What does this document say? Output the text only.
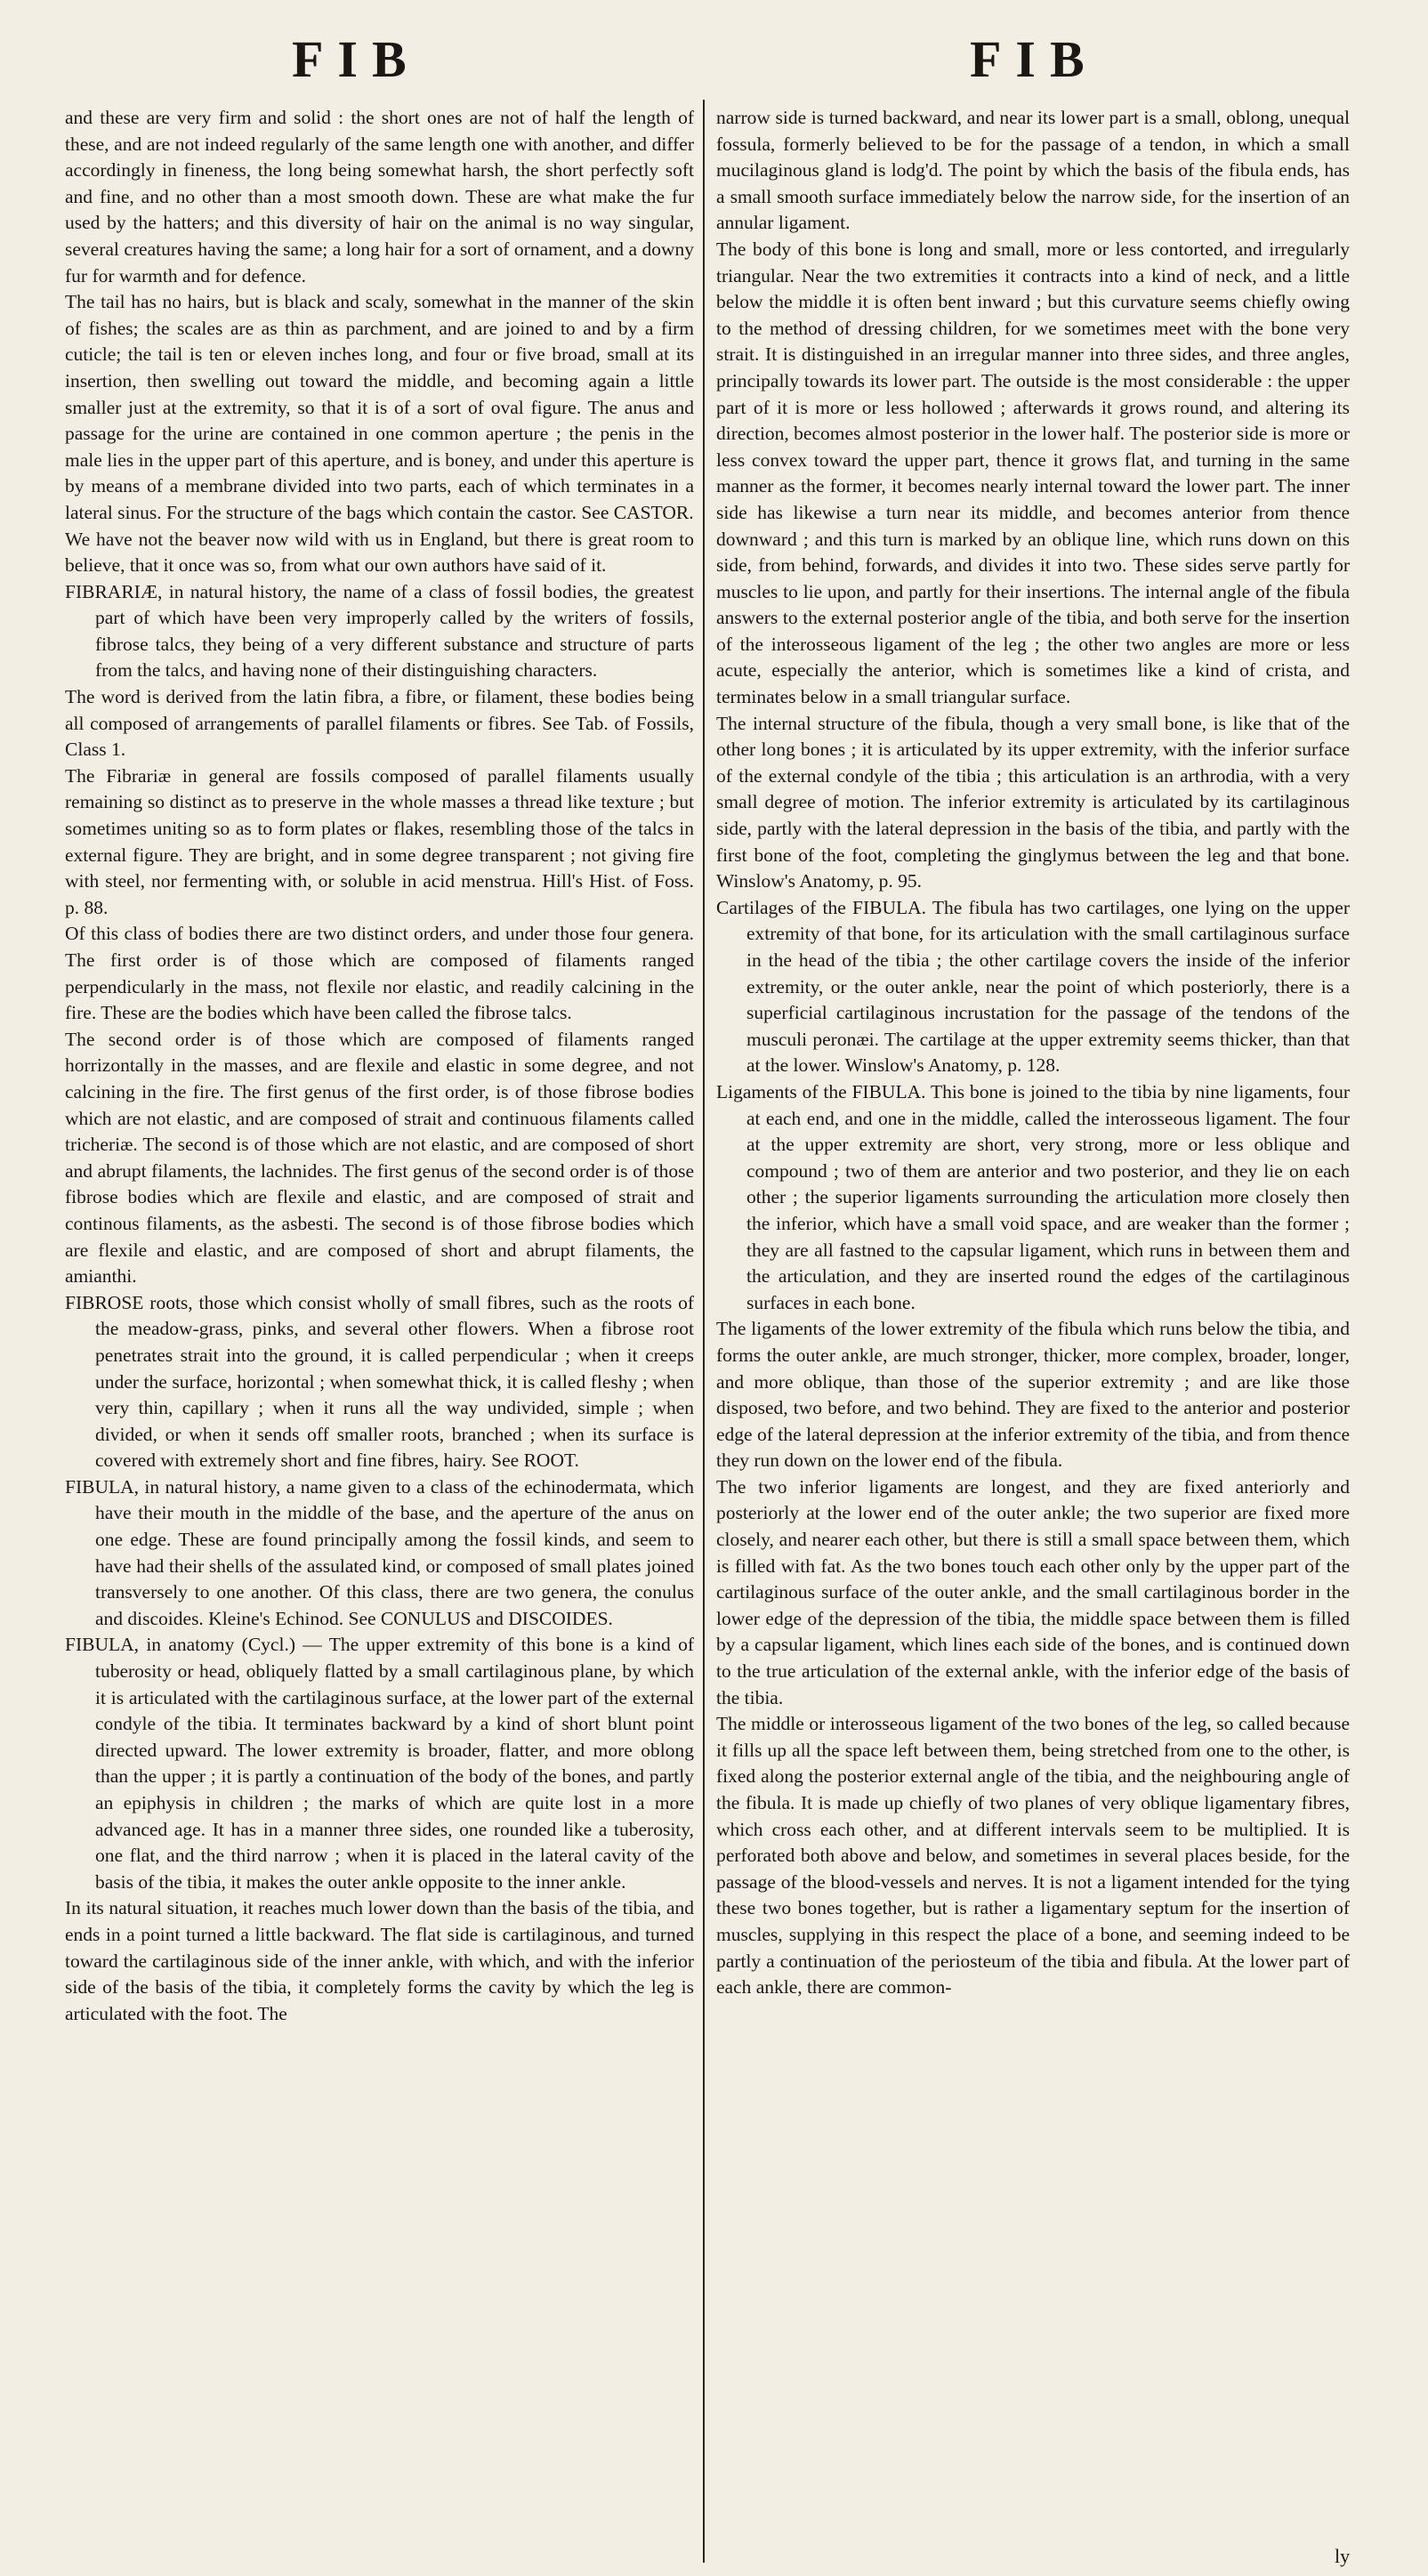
FIB	FIB

and these are very firm and solid : the short ones are not of half the length of these, and are not indeed regularly of the same length one with another, and differ accordingly in fineness, the long being somewhat harsh, the short perfectly soft and fine, and no other than a most smooth down. These are what make the fur used by the hatters; and this diversity of hair on the animal is no way singular, several creatures having the same; a long hair for a sort of ornament, and a downy fur for warmth and for defence.

The tail has no hairs, but is black and scaly, somewhat in the manner of the skin of fishes; the scales are as thin as parchment, and are joined to and by a firm cuticle; the tail is ten or eleven inches long, and four or five broad, small at its insertion, then swelling out toward the middle, and becoming again a little smaller just at the extremity, so that it is of a sort of oval figure. The anus and passage for the urine are contained in one common aperture ; the penis in the male lies in the upper part of this aperture, and is boney, and under this aperture is by means of a membrane divided into two parts, each of which terminates in a lateral sinus. For the structure of the bags which contain the castor. See CASTOR.

We have not the beaver now wild with us in England, but there is great room to believe, that it once was so, from what our own authors have said of it.

FIBRARIÆ, in natural history, the name of a class of fossil bodies, the greatest part of which have been very improperly called by the writers of fossils, fibrose talcs, they being of a very different substance and structure of parts from the talcs, and having none of their distinguishing characters.

The word is derived from the latin fibra, a fibre, or filament, these bodies being all composed of arrangements of parallel filaments or fibres. See Tab. of Fossils, Class 1.

The Fibrariæ in general are fossils composed of parallel filaments usually remaining so distinct as to preserve in the whole masses a thread like texture ; but sometimes uniting so as to form plates or flakes, resembling those of the talcs in external figure. They are bright, and in some degree transparent ; not giving fire with steel, nor fermenting with, or soluble in acid menstrua. Hill's Hist. of Foss. p. 88.

Of this class of bodies there are two distinct orders, and under those four genera. The first order is of those which are composed of filaments ranged perpendicularly in the mass, not flexile nor elastic, and readily calcining in the fire. These are the bodies which have been called the fibrose talcs.

The second order is of those which are composed of filaments ranged horrizontally in the masses, and are flexile and elastic in some degree, and not calcining in the fire. The first genus of the first order, is of those fibrose bodies which are not elastic, and are composed of strait and continuous filaments called tricheriæ. The second is of those which are not elastic, and are composed of short and abrupt filaments, the lachnides. The first genus of the second order is of those fibrose bodies which are flexile and elastic, and are composed of strait and continous filaments, as the asbesti. The second is of those fibrose bodies which are flexile and elastic, and are composed of short and abrupt filaments, the amianthi.

FIBROSE roots, those which consist wholly of small fibres, such as the roots of the meadow-grass, pinks, and several other flowers. When a fibrose root penetrates strait into the ground, it is called perpendicular ; when it creeps under the surface, horizontal ; when somewhat thick, it is called fleshy ; when very thin, capillary ; when it runs all the way undivided, simple ; when divided, or when it sends off smaller roots, branched ; when its surface is covered with extremely short and fine fibres, hairy. See ROOT.

FIBULA, in natural history, a name given to a class of the echinodermata, which have their mouth in the middle of the base, and the aperture of the anus on one edge. These are found principally among the fossil kinds, and seem to have had their shells of the assulated kind, or composed of small plates joined transversely to one another. Of this class, there are two genera, the conulus and discoides. Kleine's Echinod. See CONULUS and DISCOIDES.

FIBULA, in anatomy (Cycl.) — The upper extremity of this bone is a kind of tuberosity or head, obliquely flatted by a small cartilaginous plane, by which it is articulated with the cartilaginous surface, at the lower part of the external condyle of the tibia. It terminates backward by a kind of short blunt point directed upward. The lower extremity is broader, flatter, and more oblong than the upper ; it is partly a continuation of the body of the bones, and partly an epiphysis in children ; the marks of which are quite lost in a more advanced age. It has in a manner three sides, one rounded like a tuberosity, one flat, and the third narrow ; when it is placed in the lateral cavity of the basis of the tibia, it makes the outer ankle opposite to the inner ankle.

In its natural situation, it reaches much lower down than the basis of the tibia, and ends in a point turned a little backward. The flat side is cartilaginous, and turned toward the cartilaginous side of the inner ankle, with which, and with the inferior side of the basis of the tibia, it completely forms the cavity by which the leg is articulated with the foot. The

narrow side is turned backward, and near its lower part is a small, oblong, unequal fossula, formerly believed to be for the passage of a tendon, in which a small mucilaginous gland is lodg'd. The point by which the basis of the fibula ends, has a small smooth surface immediately below the narrow side, for the insertion of an annular ligament.

The body of this bone is long and small, more or less contorted, and irregularly triangular. Near the two extremities it contracts into a kind of neck, and a little below the middle it is often bent inward ; but this curvature seems chiefly owing to the method of dressing children, for we sometimes meet with the bone very strait. It is distinguished in an irregular manner into three sides, and three angles, principally towards its lower part. The outside is the most considerable : the upper part of it is more or less hollowed ; afterwards it grows round, and altering its direction, becomes almost posterior in the lower half. The posterior side is more or less convex toward the upper part, thence it grows flat, and turning in the same manner as the former, it becomes nearly internal toward the lower part. The inner side has likewise a turn near its middle, and becomes anterior from thence downward ; and this turn is marked by an oblique line, which runs down on this side, from behind, forwards, and divides it into two. These sides serve partly for muscles to lie upon, and partly for their insertions. The internal angle of the fibula answers to the external posterior angle of the tibia, and both serve for the insertion of the interosseous ligament of the leg ; the other two angles are more or less acute, especially the anterior, which is sometimes like a kind of crista, and terminates below in a small triangular surface.

The internal structure of the fibula, though a very small bone, is like that of the other long bones ; it is articulated by its upper extremity, with the inferior surface of the external condyle of the tibia ; this articulation is an arthrodia, with a very small degree of motion. The inferior extremity is articulated by its cartilaginous side, partly with the lateral depression in the basis of the tibia, and partly with the first bone of the foot, completing the ginglymus between the leg and that bone. Winslow's Anatomy, p. 95.

Cartilages of the FIBULA. The fibula has two cartilages, one lying on the upper extremity of that bone, for its articulation with the small cartilaginous surface in the head of the tibia ; the other cartilage covers the inside of the inferior extremity, or the outer ankle, near the point of which posteriorly, there is a superficial cartilaginous incrustation for the passage of the tendons of the musculi peronæi. The cartilage at the upper extremity seems thicker, than that at the lower. Winslow's Anatomy, p. 128.

Ligaments of the FIBULA. This bone is joined to the tibia by nine ligaments, four at each end, and one in the middle, called the interosseous ligament. The four at the upper extremity are short, very strong, more or less oblique and compound ; two of them are anterior and two posterior, and they lie on each other ; the superior ligaments surrounding the articulation more closely then the inferior, which have a small void space, and are weaker than the former ; they are all fastned to the capsular ligament, which runs in between them and the articulation, and they are inserted round the edges of the cartilaginous surfaces in each bone.

The ligaments of the lower extremity of the fibula which runs below the tibia, and forms the outer ankle, are much stronger, thicker, more complex, broader, longer, and more oblique, than those of the superior extremity ; and are like those disposed, two before, and two behind. They are fixed to the anterior and posterior edge of the lateral depression at the inferior extremity of the tibia, and from thence they run down on the lower end of the fibula.

The two inferior ligaments are longest, and they are fixed anteriorly and posteriorly at the lower end of the outer ankle; the two superior are fixed more closely, and nearer each other, but there is still a small space between them, which is filled with fat. As the two bones touch each other only by the upper part of the cartilaginous surface of the outer ankle, and the small cartilaginous border in the lower edge of the depression of the tibia, the middle space between them is filled by a capsular ligament, which lines each side of the bones, and is continued down to the true articulation of the external ankle, with the inferior edge of the basis of the tibia.

The middle or interosseous ligament of the two bones of the leg, so called because it fills up all the space left between them, being stretched from one to the other, is fixed along the posterior external angle of the tibia, and the neighbouring angle of the fibula. It is made up chiefly of two planes of very oblique ligamentary fibres, which cross each other, and at different intervals seem to be multiplied. It is perforated both above and below, and sometimes in several places beside, for the passage of the blood-vessels and nerves. It is not a ligament intended for the tying these two bones together, but is rather a ligamentary septum for the insertion of muscles, supplying in this respect the place of a bone, and seeming indeed to be partly a continuation of the periosteum of the tibia and fibula. At the lower part of each ankle, there are common-

ly
